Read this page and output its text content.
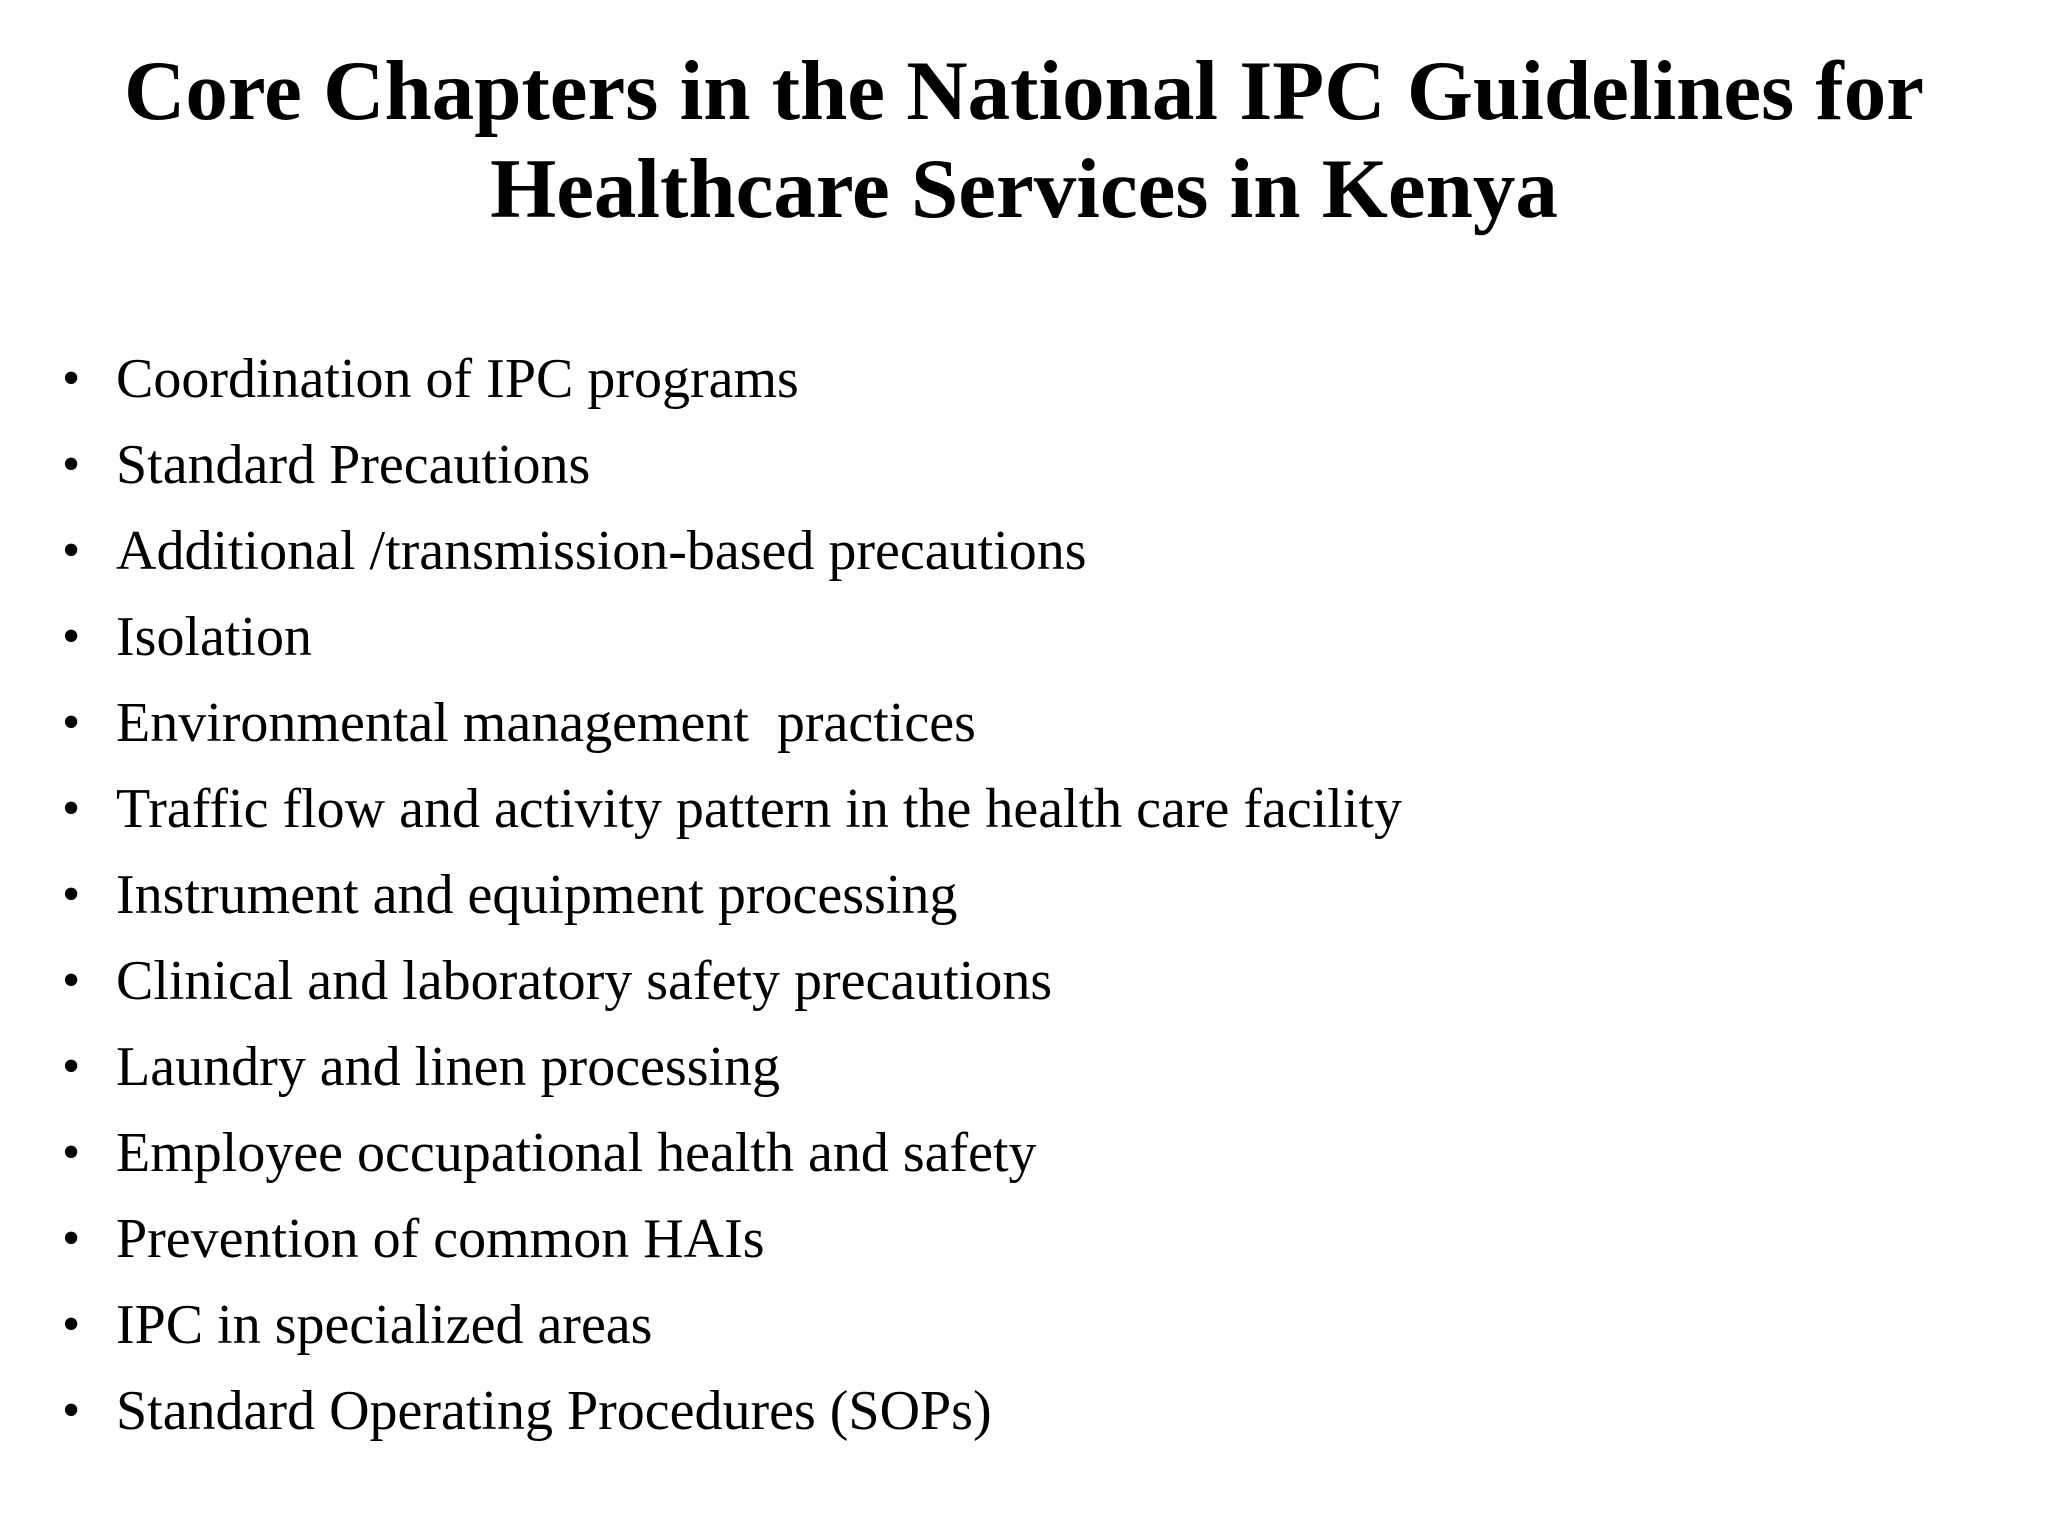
Core Chapters in the National IPC Guidelines for
Healthcare Services in Kenya
• Coordination of IPC programs
• Standard Precautions
• Additional /transmission-based precautions
• Isolation
• Environmental management  practices
• Traffic flow and activity pattern in the health care facility
• Instrument and equipment processing
• Clinical and laboratory safety precautions
• Laundry and linen processing
• Employee occupational health and safety
• Prevention of common HAIs
• IPC in specialized areas
• Standard Operating Procedures (SOPs)
